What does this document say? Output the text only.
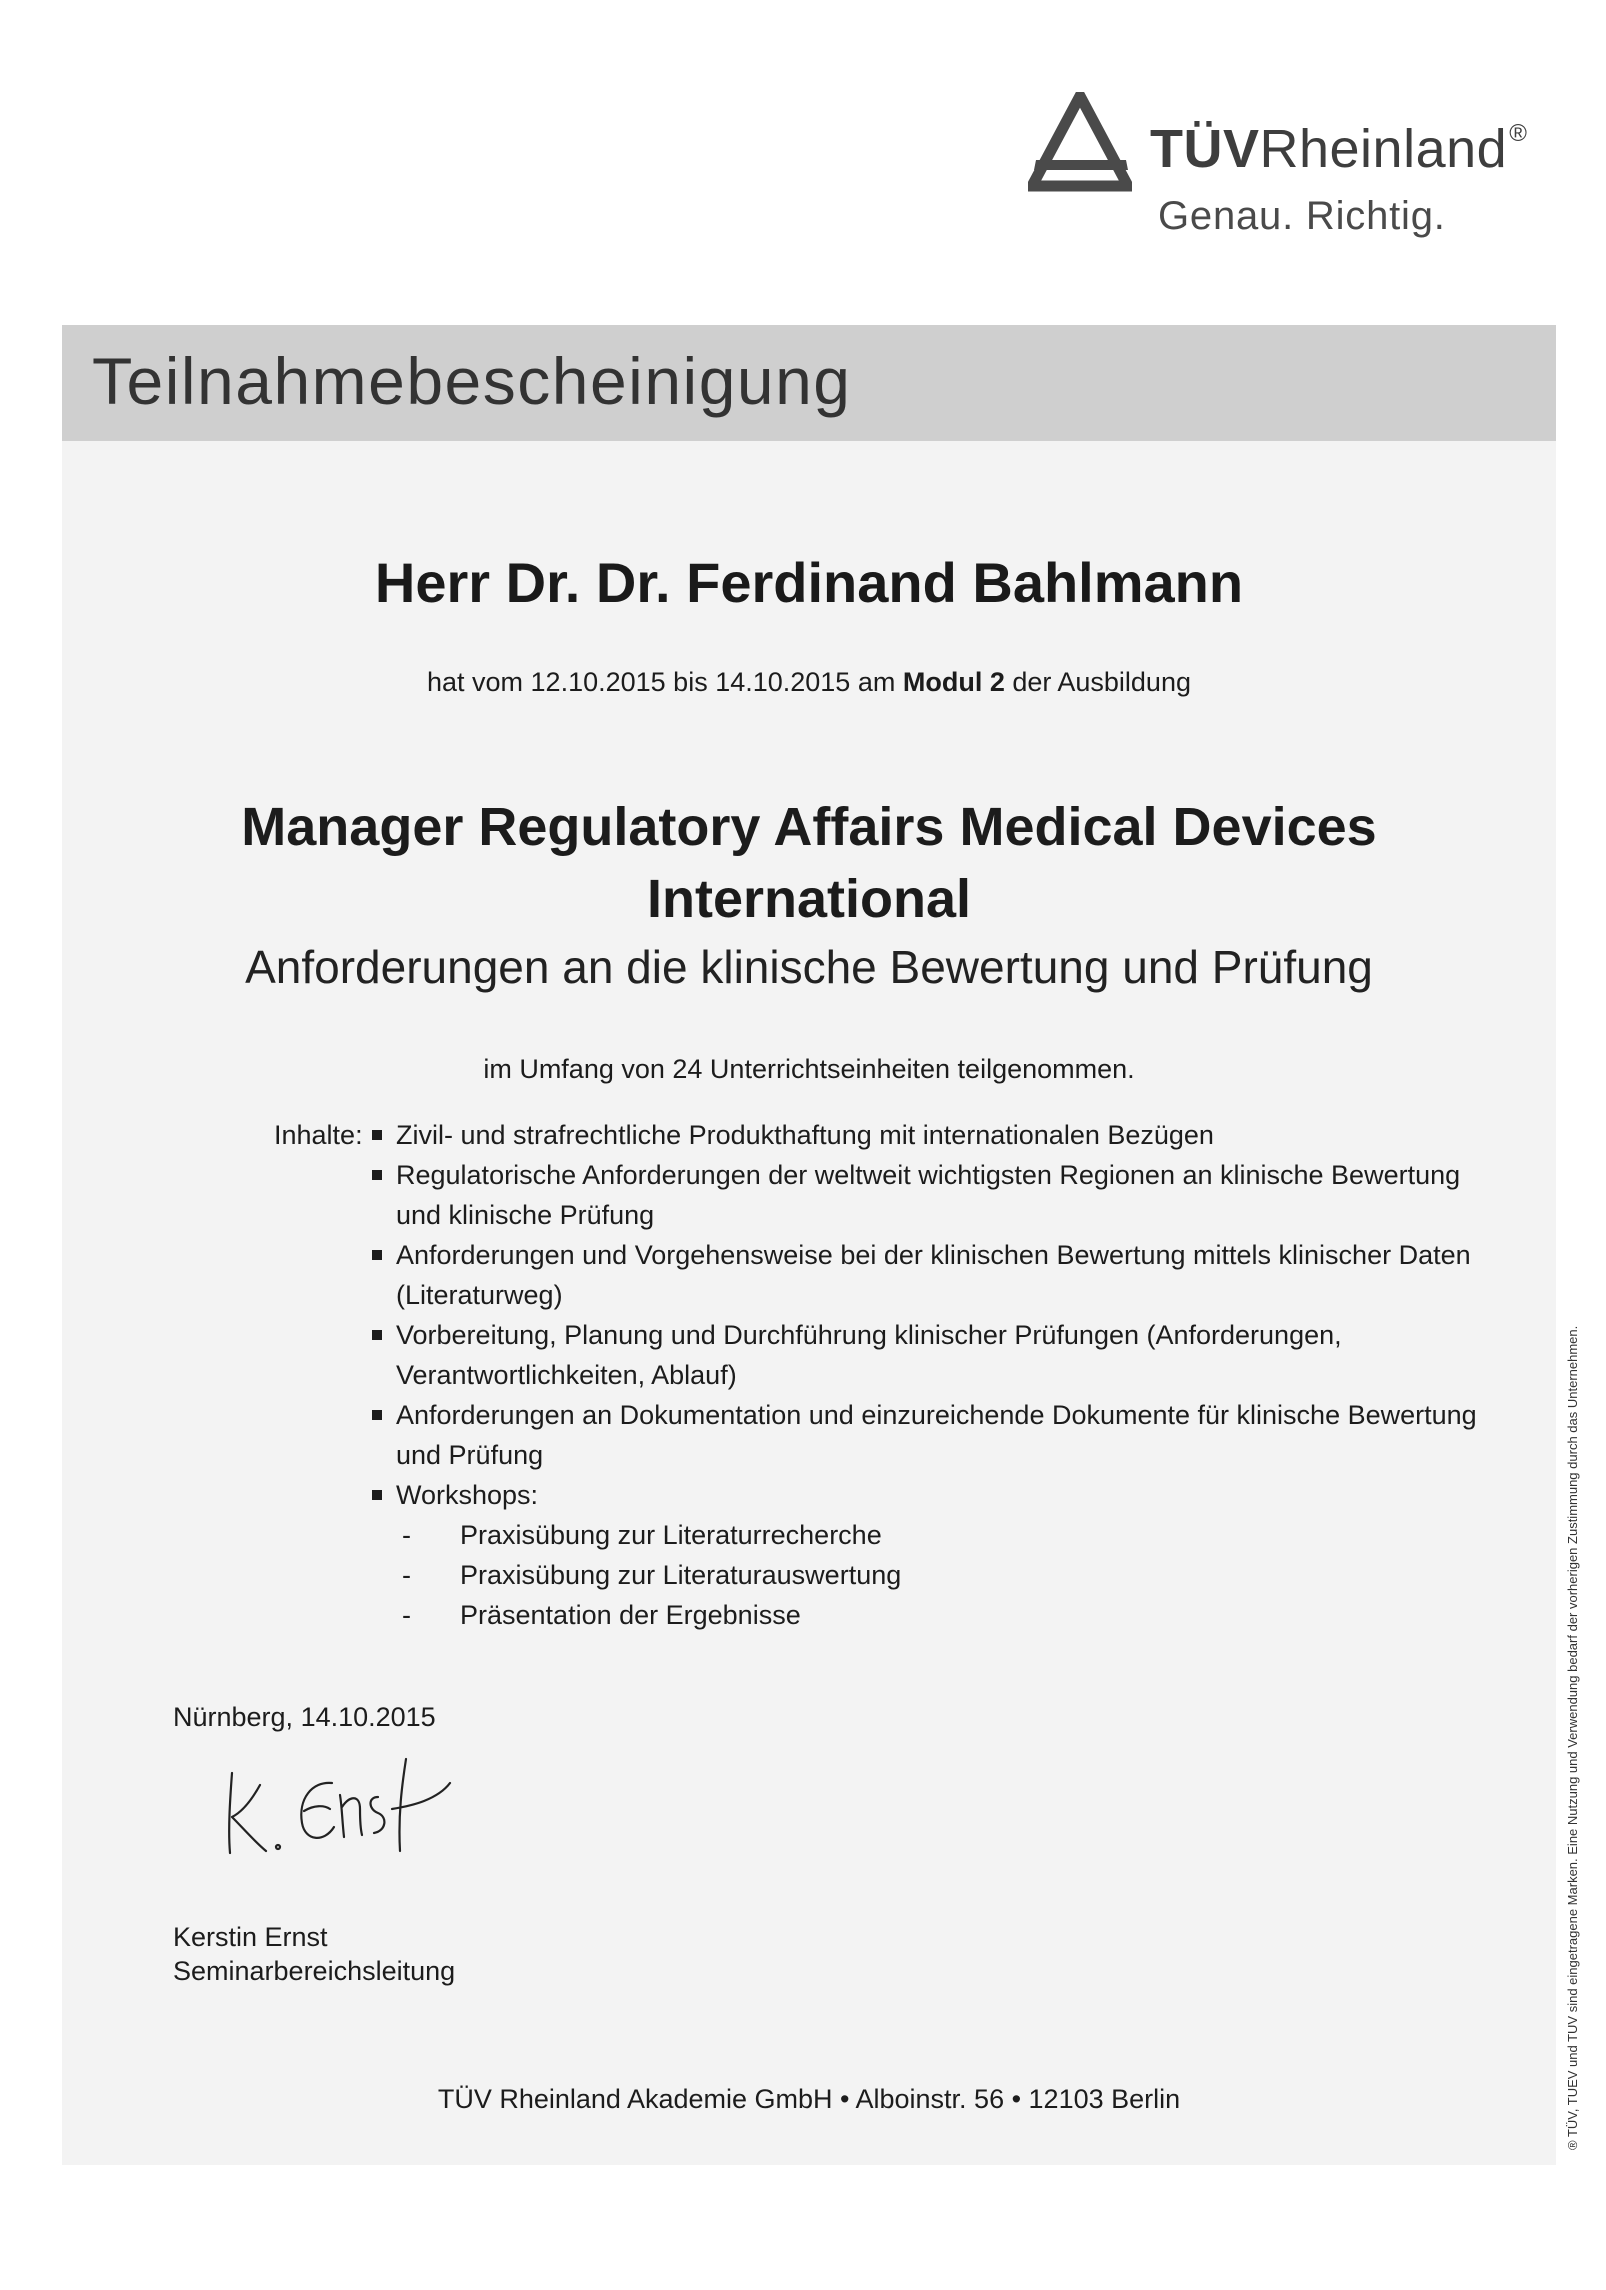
TÜVRheinland®
Genau. Richtig.
Teilnahmebescheinigung
Herr Dr. Dr. Ferdinand Bahlmann
hat vom 12.10.2015 bis 14.10.2015 am Modul 2 der Ausbildung
Manager Regulatory Affairs Medical Devices
International
Anforderungen an die klinische Bewertung und Prüfung
im Umfang von 24 Unterrichtseinheiten teilgenommen.
Inhalte:	Zivil- und strafrechtliche Produkthaftung mit internationalen Bezügen
Regulatorische Anforderungen der weltweit wichtigsten Regionen an klinische Bewertung und klinische Prüfung
Anforderungen und Vorgehensweise bei der klinischen Bewertung mittels klinischer Daten (Literaturweg)
Vorbereitung, Planung und Durchführung klinischer Prüfungen (Anforderungen, Verantwortlichkeiten, Ablauf)
Anforderungen an Dokumentation und einzureichende Dokumente für klinische Bewertung und Prüfung
Workshops:
- Praxisübung zur Literaturrecherche
- Praxisübung zur Literaturauswertung
- Präsentation der Ergebnisse
Nürnberg, 14.10.2015
Kerstin Ernst
Seminarbereichsleitung
TÜV Rheinland Akademie GmbH • Alboinstr. 56 • 12103 Berlin	® TÜV, TUEV und TUV sind eingetragene Marken. Eine Nutzung und Verwendung bedarf der vorherigen Zustimmung durch das Unternehmen.
